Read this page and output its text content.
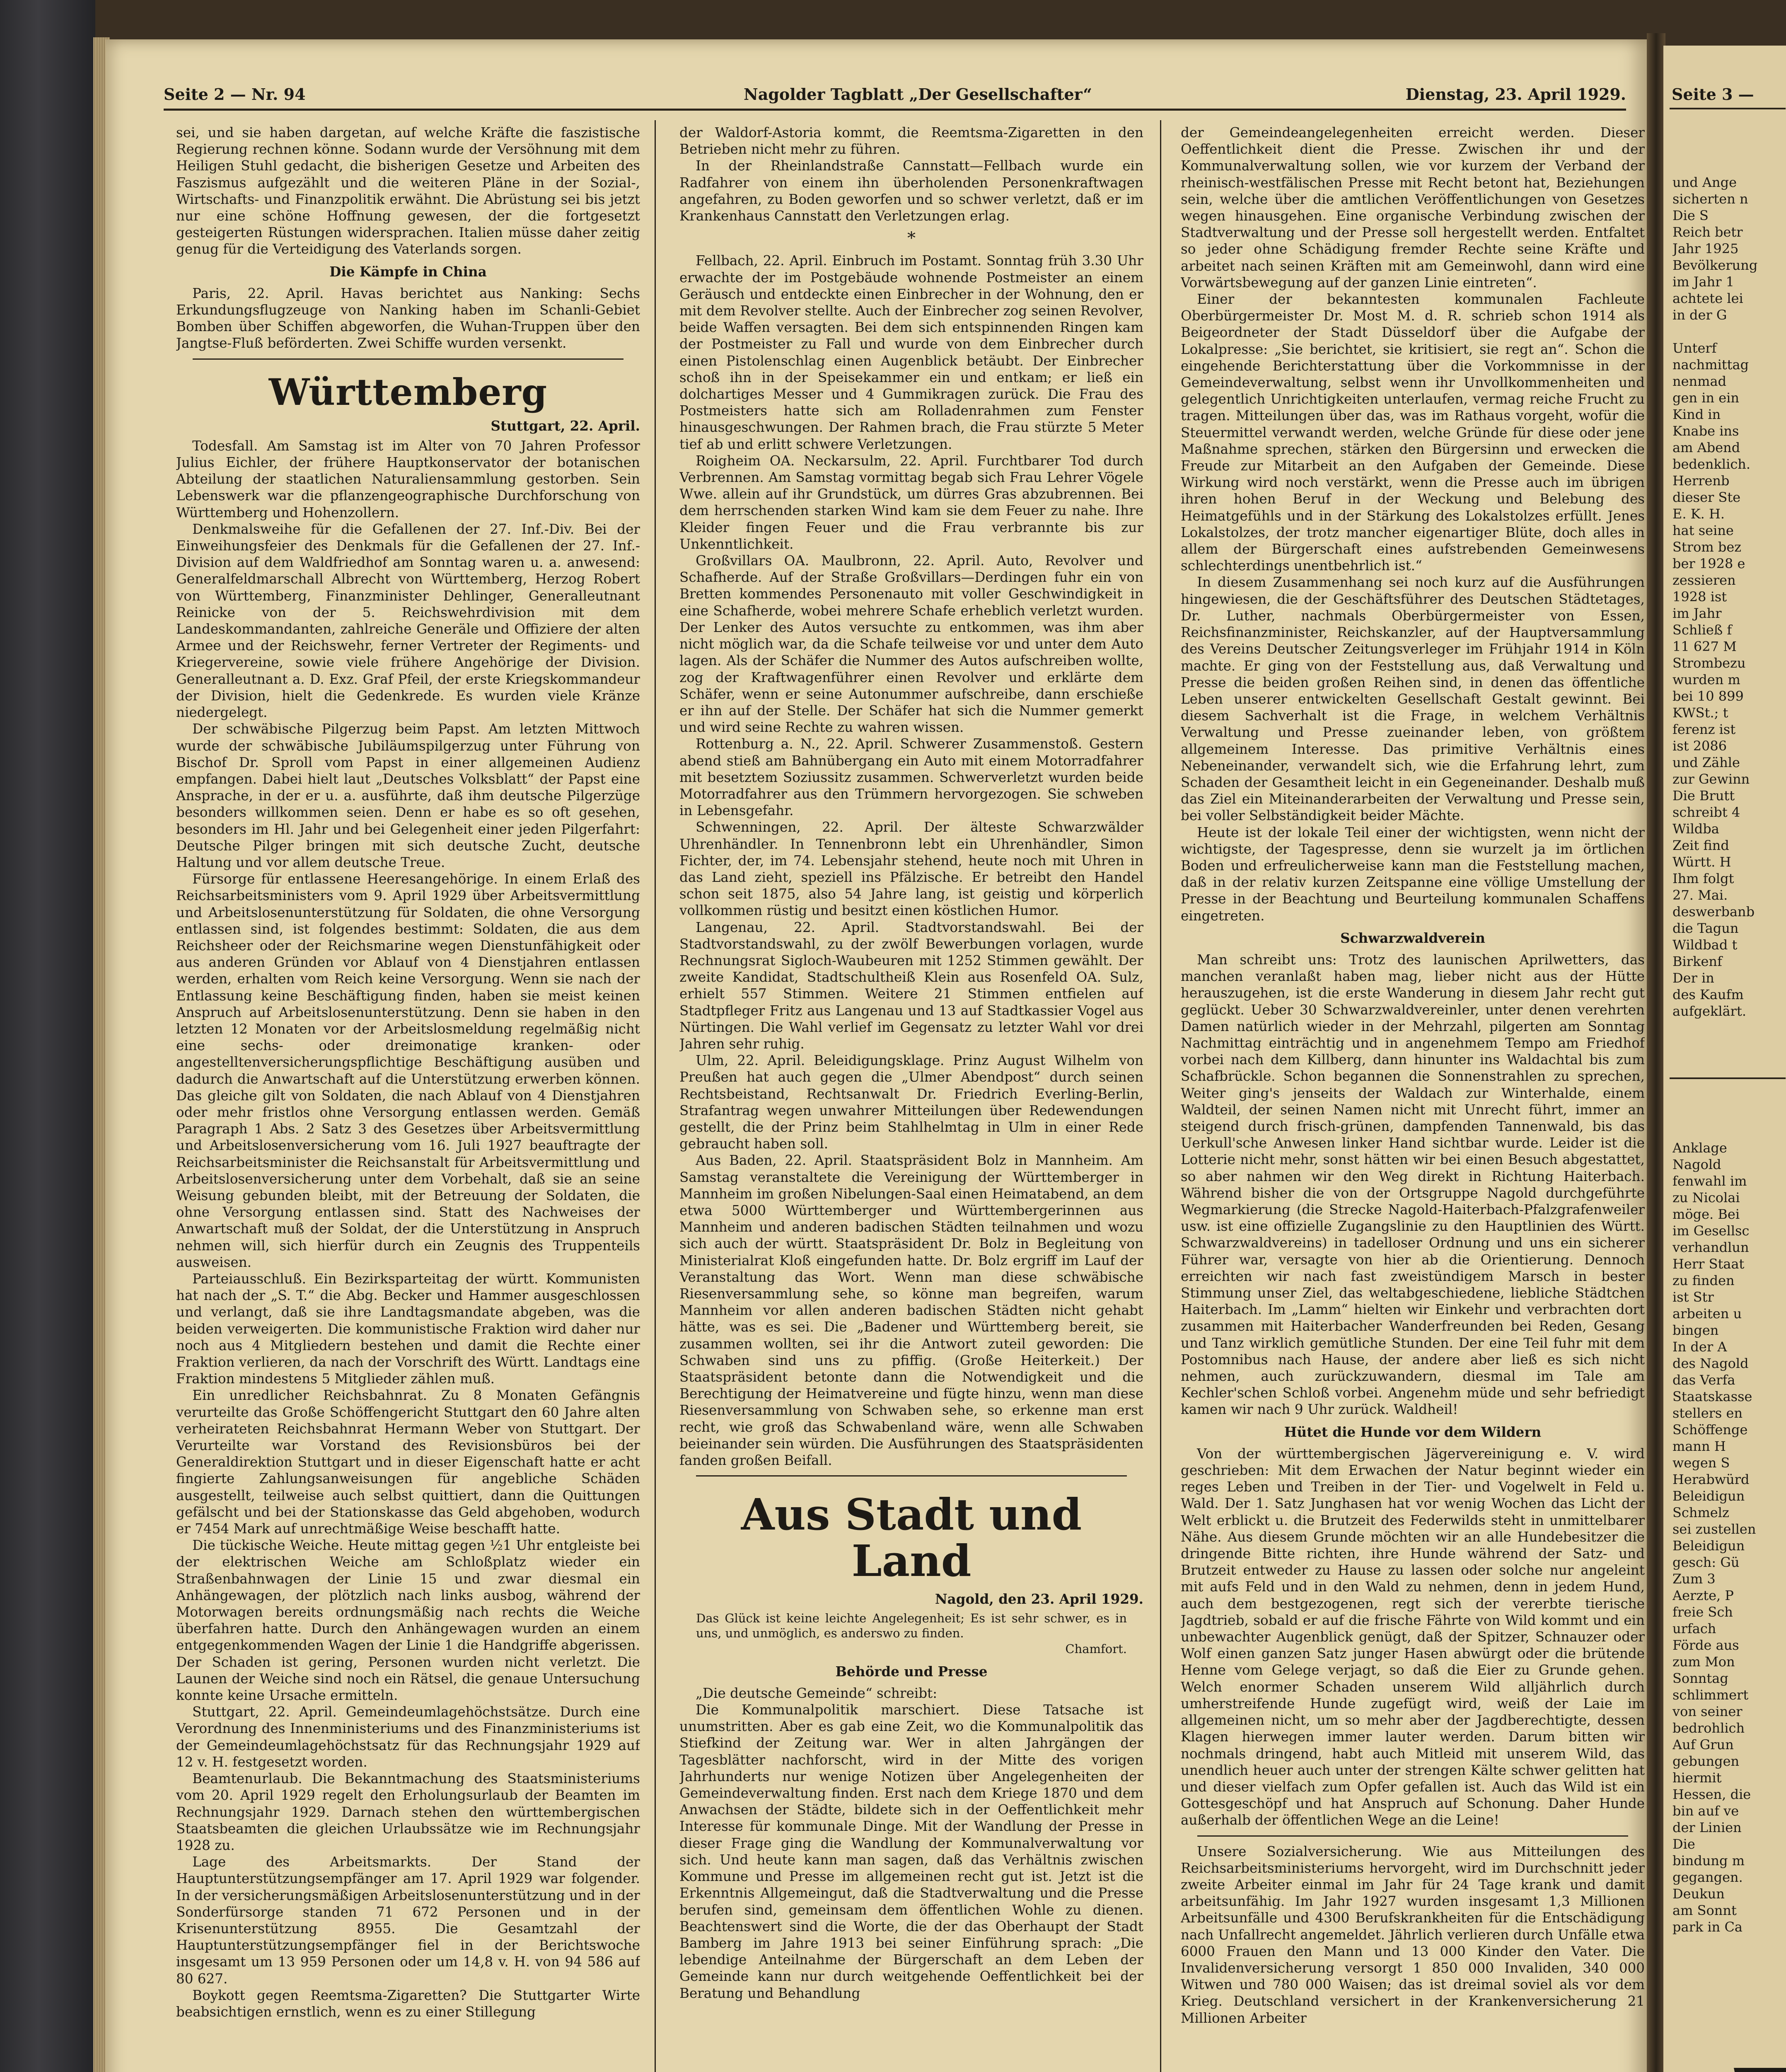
Seite 3 —
und Ange
sicherten n
Die S
Reich betr
Jahr 1925
Bevölkerung
im Jahr 1
achtete lei
in der G

Unterf
nachmittag
nenmad
gen in ein
Kind in
Knabe ins
am Abend
bedenklich.
Herrenb
dieser Ste
E. K. H.
hat seine
Strom bez
ber 1928 e
zessieren
1928 ist
im Jahr
Schließ f
11 627 M
Strombezu
wurden m
bei 10 899
KWSt.; t
ferenz ist
ist 2086
und Zähle
zur Gewinn
Die Brutt
schreibt 4
Wildba
Zeit find
Württ. H
Ihm folgt
27. Mai.
deswerbanb
die Tagun
Wildbad t
Birkenf
Der in
des Kaufm
aufgeklärt.
Anklage
Nagold
fenwahl im
zu Nicolai
möge. Bei
im Gesellsc
verhandlun
Herr Staat
zu finden
ist Str
arbeiten u
bingen
In der A
des Nagold
das Verfa
Staatskasse
stellers en
Schöffenge
mann H
wegen S
Herabwürd
Beleidigun
Schmelz
sei zustellen
Beleidigun
gesch: Gü
Zum 3
Aerzte, P
freie Sch
urfach
Förde aus
zum Mon
Sonntag
schlimmert
von seiner
bedrohlich
Auf Grun
gebungen
hiermit
Hessen, die
bin auf ve
der Linien
Die
bindung m
gegangen.
Deukun
am Sonnt
park in Ca
Seite 2 — Nr. 94	Nagolder Tagblatt „Der Gesellschafter“	Dienstag, 23. April 1929.

sei, und sie haben dargetan, auf welche Kräfte die faszistische Regierung rechnen könne. Sodann wurde der Versöhnung mit dem Heiligen Stuhl gedacht, die bisherigen Gesetze und Arbeiten des Faszismus aufgezählt und die weiteren Pläne in der Sozial-, Wirtschafts- und Finanzpolitik erwähnt. Die Abrüstung sei bis jetzt nur eine schöne Hoffnung gewesen, der die fortgesetzt gesteigerten Rüstungen widersprachen. Italien müsse daher zeitig genug für die Verteidigung des Vaterlands sorgen.

Die Kämpfe in China

Paris, 22. April. Havas berichtet aus Nanking: Sechs Erkundungsflugzeuge von Nanking haben im Schanli-Gebiet Bomben über Schiffen abgeworfen, die Wuhan-Truppen über den Jangtse-Fluß beförderten. Zwei Schiffe wurden versenkt.

Württemberg

Stuttgart, 22. April.

Todesfall. Am Samstag ist im Alter von 70 Jahren Professor Julius Eichler, der frühere Hauptkonservator der botanischen Abteilung der staatlichen Naturaliensammlung gestorben. Sein Lebenswerk war die pflanzengeographische Durchforschung von Württemberg und Hohenzollern.

Denkmalsweihe für die Gefallenen der 27. Inf.-Div. Bei der Einweihungsfeier des Denkmals für die Gefallenen der 27. Inf.-Division auf dem Waldfriedhof am Sonntag waren u. a. anwesend: Generalfeldmarschall Albrecht von Württemberg, Herzog Robert von Württemberg, Finanzminister Dehlinger, Generalleutnant Reinicke von der 5. Reichswehrdivision mit dem Landeskommandanten, zahlreiche Generäle und Offiziere der alten Armee und der Reichswehr, ferner Vertreter der Regiments- und Kriegervereine, sowie viele frühere Angehörige der Division. Generalleutnant a. D. Exz. Graf Pfeil, der erste Kriegskommandeur der Division, hielt die Gedenkrede. Es wurden viele Kränze niedergelegt.

Der schwäbische Pilgerzug beim Papst. Am letzten Mittwoch wurde der schwäbische Jubiläumspilgerzug unter Führung von Bischof Dr. Sproll vom Papst in einer allgemeinen Audienz empfangen. Dabei hielt laut „Deutsches Volksblatt“ der Papst eine Ansprache, in der er u. a. ausführte, daß ihm deutsche Pilgerzüge besonders willkommen seien. Denn er habe es so oft gesehen, besonders im Hl. Jahr und bei Gelegenheit einer jeden Pilgerfahrt: Deutsche Pilger bringen mit sich deutsche Zucht, deutsche Haltung und vor allem deutsche Treue.

Fürsorge für entlassene Heeresangehörige. In einem Erlaß des Reichsarbeitsministers vom 9. April 1929 über Arbeitsvermittlung und Arbeitslosenunterstützung für Soldaten, die ohne Versorgung entlassen sind, ist folgendes bestimmt: Soldaten, die aus dem Reichsheer oder der Reichsmarine wegen Dienstunfähigkeit oder aus anderen Gründen vor Ablauf von 4 Dienstjahren entlassen werden, erhalten vom Reich keine Versorgung. Wenn sie nach der Entlassung keine Beschäftigung finden, haben sie meist keinen Anspruch auf Arbeitslosenunterstützung. Denn sie haben in den letzten 12 Monaten vor der Arbeitslosmeldung regelmäßig nicht eine sechs- oder dreimonatige kranken- oder angestelltenversicherungspflichtige Beschäftigung ausüben und dadurch die Anwartschaft auf die Unterstützung erwerben können. Das gleiche gilt von Soldaten, die nach Ablauf von 4 Dienstjahren oder mehr fristlos ohne Versorgung entlassen werden. Gemäß Paragraph 1 Abs. 2 Satz 3 des Gesetzes über Arbeitsvermittlung und Arbeitslosenversicherung vom 16. Juli 1927 beauftragte der Reichsarbeitsminister die Reichsanstalt für Arbeitsvermittlung und Arbeitslosenversicherung unter dem Vorbehalt, daß sie an seine Weisung gebunden bleibt, mit der Betreuung der Soldaten, die ohne Versorgung entlassen sind. Statt des Nachweises der Anwartschaft muß der Soldat, der die Unterstützung in Anspruch nehmen will, sich hierfür durch ein Zeugnis des Truppenteils ausweisen.

Parteiausschluß. Ein Bezirksparteitag der württ. Kommunisten hat nach der „S. T.“ die Abg. Becker und Hammer ausgeschlossen und verlangt, daß sie ihre Landtagsmandate abgeben, was die beiden verweigerten. Die kommunistische Fraktion wird daher nur noch aus 4 Mitgliedern bestehen und damit die Rechte einer Fraktion verlieren, da nach der Vorschrift des Württ. Landtags eine Fraktion mindestens 5 Mitglieder zählen muß.

Ein unredlicher Reichsbahnrat. Zu 8 Monaten Gefängnis verurteilte das Große Schöffengericht Stuttgart den 60 Jahre alten verheirateten Reichsbahnrat Hermann Weber von Stuttgart. Der Verurteilte war Vorstand des Revisionsbüros bei der Generaldirektion Stuttgart und in dieser Eigenschaft hatte er acht fingierte Zahlungsanweisungen für angebliche Schäden ausgestellt, teilweise auch selbst quittiert, dann die Quittungen gefälscht und bei der Stationskasse das Geld abgehoben, wodurch er 7454 Mark auf unrechtmäßige Weise beschafft hatte.

Die tückische Weiche. Heute mittag gegen ½1 Uhr entgleiste bei der elektrischen Weiche am Schloßplatz wieder ein Straßenbahnwagen der Linie 15 und zwar diesmal ein Anhängewagen, der plötzlich nach links ausbog, während der Motorwagen bereits ordnungsmäßig nach rechts die Weiche überfahren hatte. Durch den Anhängewagen wurden an einem entgegenkommenden Wagen der Linie 1 die Handgriffe abgerissen. Der Schaden ist gering, Personen wurden nicht verletzt. Die Launen der Weiche sind noch ein Rätsel, die genaue Untersuchung konnte keine Ursache ermitteln.

Stuttgart, 22. April. Gemeindeumlagehöchstsätze. Durch eine Verordnung des Innenministeriums und des Finanzministeriums ist der Gemeindeumlagehöchstsatz für das Rechnungsjahr 1929 auf 12 v. H. festgesetzt worden.

Beamtenurlaub. Die Bekanntmachung des Staatsministeriums vom 20. April 1929 regelt den Erholungsurlaub der Beamten im Rechnungsjahr 1929. Darnach stehen den württembergischen Staatsbeamten die gleichen Urlaubssätze wie im Rechnungsjahr 1928 zu.

Lage des Arbeitsmarkts. Der Stand der Hauptunterstützungsempfänger am 17. April 1929 war folgender. In der versicherungsmäßigen Arbeitslosenunterstützung und in der Sonderfürsorge standen 71 672 Personen und in der Krisenunterstützung 8955. Die Gesamtzahl der Hauptunterstützungsempfänger fiel in der Berichtswoche insgesamt um 13 959 Personen oder um 14,8 v. H. von 94 586 auf 80 627.

Boykott gegen Reemtsma-Zigaretten? Die Stuttgarter Wirte beabsichtigen ernstlich, wenn es zu einer Stillegung

der Waldorf-Astoria kommt, die Reemtsma-Zigaretten in den Betrieben nicht mehr zu führen.

In der Rheinlandstraße Cannstatt—Fellbach wurde ein Radfahrer von einem ihn überholenden Personenkraftwagen angefahren, zu Boden geworfen und so schwer verletzt, daß er im Krankenhaus Cannstatt den Verletzungen erlag.

*

Fellbach, 22. April. Einbruch im Postamt. Sonntag früh 3.30 Uhr erwachte der im Postgebäude wohnende Postmeister an einem Geräusch und entdeckte einen Einbrecher in der Wohnung, den er mit dem Revolver stellte. Auch der Einbrecher zog seinen Revolver, beide Waffen versagten. Bei dem sich entspinnenden Ringen kam der Postmeister zu Fall und wurde von dem Einbrecher durch einen Pistolenschlag einen Augenblick betäubt. Der Einbrecher schoß ihn in der Speisekammer ein und entkam; er ließ ein dolchartiges Messer und 4 Gummikragen zurück. Die Frau des Postmeisters hatte sich am Rolladenrahmen zum Fenster hinausgeschwungen. Der Rahmen brach, die Frau stürzte 5 Meter tief ab und erlitt schwere Verletzungen.

Roigheim OA. Neckarsulm, 22. April. Furchtbarer Tod durch Verbrennen. Am Samstag vormittag begab sich Frau Lehrer Vögele Wwe. allein auf ihr Grundstück, um dürres Gras abzubrennen. Bei dem herrschenden starken Wind kam sie dem Feuer zu nahe. Ihre Kleider fingen Feuer und die Frau verbrannte bis zur Unkenntlichkeit.

Großvillars OA. Maulbronn, 22. April. Auto, Revolver und Schafherde. Auf der Straße Großvillars—Derdingen fuhr ein von Bretten kommendes Personenauto mit voller Geschwindigkeit in eine Schafherde, wobei mehrere Schafe erheblich verletzt wurden. Der Lenker des Autos versuchte zu entkommen, was ihm aber nicht möglich war, da die Schafe teilweise vor und unter dem Auto lagen. Als der Schäfer die Nummer des Autos aufschreiben wollte, zog der Kraftwagenführer einen Revolver und erklärte dem Schäfer, wenn er seine Autonummer aufschreibe, dann erschieße er ihn auf der Stelle. Der Schäfer hat sich die Nummer gemerkt und wird seine Rechte zu wahren wissen.

Rottenburg a. N., 22. April. Schwerer Zusammenstoß. Gestern abend stieß am Bahnübergang ein Auto mit einem Motorradfahrer mit besetztem Soziussitz zusammen. Schwerverletzt wurden beide Motorradfahrer aus den Trümmern hervorgezogen. Sie schweben in Lebensgefahr.

Schwenningen, 22. April. Der älteste Schwarzwälder Uhrenhändler. In Tennenbronn lebt ein Uhrenhändler, Simon Fichter, der, im 74. Lebensjahr stehend, heute noch mit Uhren in das Land zieht, speziell ins Pfälzische. Er betreibt den Handel schon seit 1875, also 54 Jahre lang, ist geistig und körperlich vollkommen rüstig und besitzt einen köstlichen Humor.

Langenau, 22. April. Stadtvorstandswahl. Bei der Stadtvorstandswahl, zu der zwölf Bewerbungen vorlagen, wurde Rechnungsrat Sigloch-Waubeuren mit 1252 Stimmen gewählt. Der zweite Kandidat, Stadtschultheiß Klein aus Rosenfeld OA. Sulz, erhielt 557 Stimmen. Weitere 21 Stimmen entfielen auf Stadtpfleger Fritz aus Langenau und 13 auf Stadtkassier Vogel aus Nürtingen. Die Wahl verlief im Gegensatz zu letzter Wahl vor drei Jahren sehr ruhig.

Ulm, 22. April. Beleidigungsklage. Prinz August Wilhelm von Preußen hat auch gegen die „Ulmer Abendpost“ durch seinen Rechtsbeistand, Rechtsanwalt Dr. Friedrich Everling-Berlin, Strafantrag wegen unwahrer Mitteilungen über Redewendungen gestellt, die der Prinz beim Stahlhelmtag in Ulm in einer Rede gebraucht haben soll.

Aus Baden, 22. April. Staatspräsident Bolz in Mannheim. Am Samstag veranstaltete die Vereinigung der Württemberger in Mannheim im großen Nibelungen-Saal einen Heimatabend, an dem etwa 5000 Württemberger und Württembergerinnen aus Mannheim und anderen badischen Städten teilnahmen und wozu sich auch der württ. Staatspräsident Dr. Bolz in Begleitung von Ministerialrat Kloß eingefunden hatte. Dr. Bolz ergriff im Lauf der Veranstaltung das Wort. Wenn man diese schwäbische Riesenversammlung sehe, so könne man begreifen, warum Mannheim vor allen anderen badischen Städten nicht gehabt hätte, was es sei. Die „Badener und Württemberg bereit, sie zusammen wollten, sei ihr die Antwort zuteil geworden: Die Schwaben sind uns zu pfiffig. (Große Heiterkeit.) Der Staatspräsident betonte dann die Notwendigkeit und die Berechtigung der Heimatvereine und fügte hinzu, wenn man diese Riesenversammlung von Schwaben sehe, so erkenne man erst recht, wie groß das Schwabenland wäre, wenn alle Schwaben beieinander sein würden. Die Ausführungen des Staatspräsidenten fanden großen Beifall.

Aus Stadt und Land

Nagold, den 23. April 1929.

Das Glück ist keine leichte Angelegenheit; Es ist sehr schwer, es in uns, und unmöglich, es anderswo zu finden.

Chamfort.

Behörde und Presse

„Die deutsche Gemeinde“ schreibt:

Die Kommunalpolitik marschiert. Diese Tatsache ist unumstritten. Aber es gab eine Zeit, wo die Kommunalpolitik das Stiefkind der Zeitung war. Wer in alten Jahrgängen der Tagesblätter nachforscht, wird in der Mitte des vorigen Jahrhunderts nur wenige Notizen über Angelegenheiten der Gemeindeverwaltung finden. Erst nach dem Kriege 1870 und dem Anwachsen der Städte, bildete sich in der Oeffentlichkeit mehr Interesse für kommunale Dinge. Mit der Wandlung der Presse in dieser Frage ging die Wandlung der Kommunalverwaltung vor sich. Und heute kann man sagen, daß das Verhältnis zwischen Kommune und Presse im allgemeinen recht gut ist. Jetzt ist die Erkenntnis Allgemeingut, daß die Stadtverwaltung und die Presse berufen sind, gemeinsam dem öffentlichen Wohle zu dienen. Beachtenswert sind die Worte, die der das Oberhaupt der Stadt Bamberg im Jahre 1913 bei seiner Einführung sprach: „Die lebendige Anteilnahme der Bürgerschaft an dem Leben der Gemeinde kann nur durch weitgehende Oeffentlichkeit bei der Beratung und Behandlung

der Gemeindeangelegenheiten erreicht werden. Dieser Oeffentlichkeit dient die Presse. Zwischen ihr und der Kommunalverwaltung sollen, wie vor kurzem der Verband der rheinisch-westfälischen Presse mit Recht betont hat, Beziehungen sein, welche über die amtlichen Veröffentlichungen von Gesetzes wegen hinausgehen. Eine organische Verbindung zwischen der Stadtverwaltung und der Presse soll hergestellt werden. Entfaltet so jeder ohne Schädigung fremder Rechte seine Kräfte und arbeitet nach seinen Kräften mit am Gemeinwohl, dann wird eine Vorwärtsbewegung auf der ganzen Linie eintreten“.

Einer der bekanntesten kommunalen Fachleute Oberbürgermeister Dr. Most M. d. R. schrieb schon 1914 als Beigeordneter der Stadt Düsseldorf über die Aufgabe der Lokalpresse: „Sie berichtet, sie kritisiert, sie regt an“. Schon die eingehende Berichterstattung über die Vorkommnisse in der Gemeindeverwaltung, selbst wenn ihr Unvollkommenheiten und gelegentlich Unrichtigkeiten unterlaufen, vermag reiche Frucht zu tragen. Mitteilungen über das, was im Rathaus vorgeht, wofür die Steuermittel verwandt werden, welche Gründe für diese oder jene Maßnahme sprechen, stärken den Bürgersinn und erwecken die Freude zur Mitarbeit an den Aufgaben der Gemeinde. Diese Wirkung wird noch verstärkt, wenn die Presse auch im übrigen ihren hohen Beruf in der Weckung und Belebung des Heimatgefühls und in der Stärkung des Lokalstolzes erfüllt. Jenes Lokalstolzes, der trotz mancher eigenartiger Blüte, doch alles in allem der Bürgerschaft eines aufstrebenden Gemeinwesens schlechterdings unentbehrlich ist.“

In diesem Zusammenhang sei noch kurz auf die Ausführungen hingewiesen, die der Geschäftsführer des Deutschen Städtetages, Dr. Luther, nachmals Oberbürgermeister von Essen, Reichsfinanzminister, Reichskanzler, auf der Hauptversammlung des Vereins Deutscher Zeitungsverleger im Frühjahr 1914 in Köln machte. Er ging von der Feststellung aus, daß Verwaltung und Presse die beiden großen Reihen sind, in denen das öffentliche Leben unserer entwickelten Gesellschaft Gestalt gewinnt. Bei diesem Sachverhalt ist die Frage, in welchem Verhältnis Verwaltung und Presse zueinander leben, von größtem allgemeinem Interesse. Das primitive Verhältnis eines Nebeneinander, verwandelt sich, wie die Erfahrung lehrt, zum Schaden der Gesamtheit leicht in ein Gegeneinander. Deshalb muß das Ziel ein Miteinanderarbeiten der Verwaltung und Presse sein, bei voller Selbständigkeit beider Mächte.

Heute ist der lokale Teil einer der wichtigsten, wenn nicht der wichtigste, der Tagespresse, denn sie wurzelt ja im örtlichen Boden und erfreulicherweise kann man die Feststellung machen, daß in der relativ kurzen Zeitspanne eine völlige Umstellung der Presse in der Beachtung und Beurteilung kommunalen Schaffens eingetreten.

Schwarzwaldverein

Man schreibt uns: Trotz des launischen Aprilwetters, das manchen veranlaßt haben mag, lieber nicht aus der Hütte herauszugehen, ist die erste Wanderung in diesem Jahr recht gut geglückt. Ueber 30 Schwarzwaldvereinler, unter denen verehrten Damen natürlich wieder in der Mehrzahl, pilgerten am Sonntag Nachmittag einträchtig und in angenehmem Tempo am Friedhof vorbei nach dem Killberg, dann hinunter ins Waldachtal bis zum Schafbrückle. Schon begannen die Sonnenstrahlen zu sprechen, Weiter ging's jenseits der Waldach zur Winterhalde, einem Waldteil, der seinen Namen nicht mit Unrecht führt, immer an steigend durch frisch-grünen, dampfenden Tannenwald, bis das Uerkull'sche Anwesen linker Hand sichtbar wurde. Leider ist die Lotterie nicht mehr, sonst hätten wir bei einen Besuch abgestattet, so aber nahmen wir den Weg direkt in Richtung Haiterbach. Während bisher die von der Ortsgruppe Nagold durchgeführte Wegmarkierung (die Strecke Nagold-Haiterbach-Pfalzgrafenweiler usw. ist eine offizielle Zugangslinie zu den Hauptlinien des Württ. Schwarzwaldvereins) in tadelloser Ordnung und uns ein sicherer Führer war, versagte von hier ab die Orientierung. Dennoch erreichten wir nach fast zweistündigem Marsch in bester Stimmung unser Ziel, das weltabgeschiedene, liebliche Städtchen Haiterbach. Im „Lamm“ hielten wir Einkehr und verbrachten dort zusammen mit Haiterbacher Wanderfreunden bei Reden, Gesang und Tanz wirklich gemütliche Stunden. Der eine Teil fuhr mit dem Postomnibus nach Hause, der andere aber ließ es sich nicht nehmen, auch zurückzuwandern, diesmal im Tale am Kechler'schen Schloß vorbei. Angenehm müde und sehr befriedigt kamen wir nach 9 Uhr zurück. Waldheil!

Hütet die Hunde vor dem Wildern

Von der württembergischen Jägervereinigung e. V. wird geschrieben: Mit dem Erwachen der Natur beginnt wieder ein reges Leben und Treiben in der Tier- und Vogelwelt in Feld u. Wald. Der 1. Satz Junghasen hat vor wenig Wochen das Licht der Welt erblickt u. die Brutzeit des Federwilds steht in unmittelbarer Nähe. Aus diesem Grunde möchten wir an alle Hundebesitzer die dringende Bitte richten, ihre Hunde während der Satz- und Brutzeit entweder zu Hause zu lassen oder solche nur angeleint mit aufs Feld und in den Wald zu nehmen, denn in jedem Hund, auch dem bestgezogenen, regt sich der vererbte tierische Jagdtrieb, sobald er auf die frische Fährte von Wild kommt und ein unbewachter Augenblick genügt, daß der Spitzer, Schnauzer oder Wolf einen ganzen Satz junger Hasen abwürgt oder die brütende Henne vom Gelege verjagt, so daß die Eier zu Grunde gehen. Welch enormer Schaden unserem Wild alljährlich durch umherstreifende Hunde zugefügt wird, weiß der Laie im allgemeinen nicht, um so mehr aber der Jagdberechtigte, dessen Klagen hierwegen immer lauter werden. Darum bitten wir nochmals dringend, habt auch Mitleid mit unserem Wild, das unendlich heuer auch unter der strengen Kälte schwer gelitten hat und dieser vielfach zum Opfer gefallen ist. Auch das Wild ist ein Gottesgeschöpf und hat Anspruch auf Schonung. Daher Hunde außerhalb der öffentlichen Wege an die Leine!

Unsere Sozialversicherung. Wie aus Mitteilungen des Reichsarbeitsministeriums hervorgeht, wird im Durchschnitt jeder zweite Arbeiter einmal im Jahr für 24 Tage krank und damit arbeitsunfähig. Im Jahr 1927 wurden insgesamt 1,3 Millionen Arbeitsunfälle und 4300 Berufskrankheiten für die Entschädigung nach Unfallrecht angemeldet. Jährlich verlieren durch Unfälle etwa 6000 Frauen den Mann und 13 000 Kinder den Vater. Die Invalidenversicherung versorgt 1 850 000 Invaliden, 340 000 Witwen und 780 000 Waisen; das ist dreimal soviel als vor dem Krieg. Deutschland versichert in der Krankenversicherung 21 Millionen Arbeiter
